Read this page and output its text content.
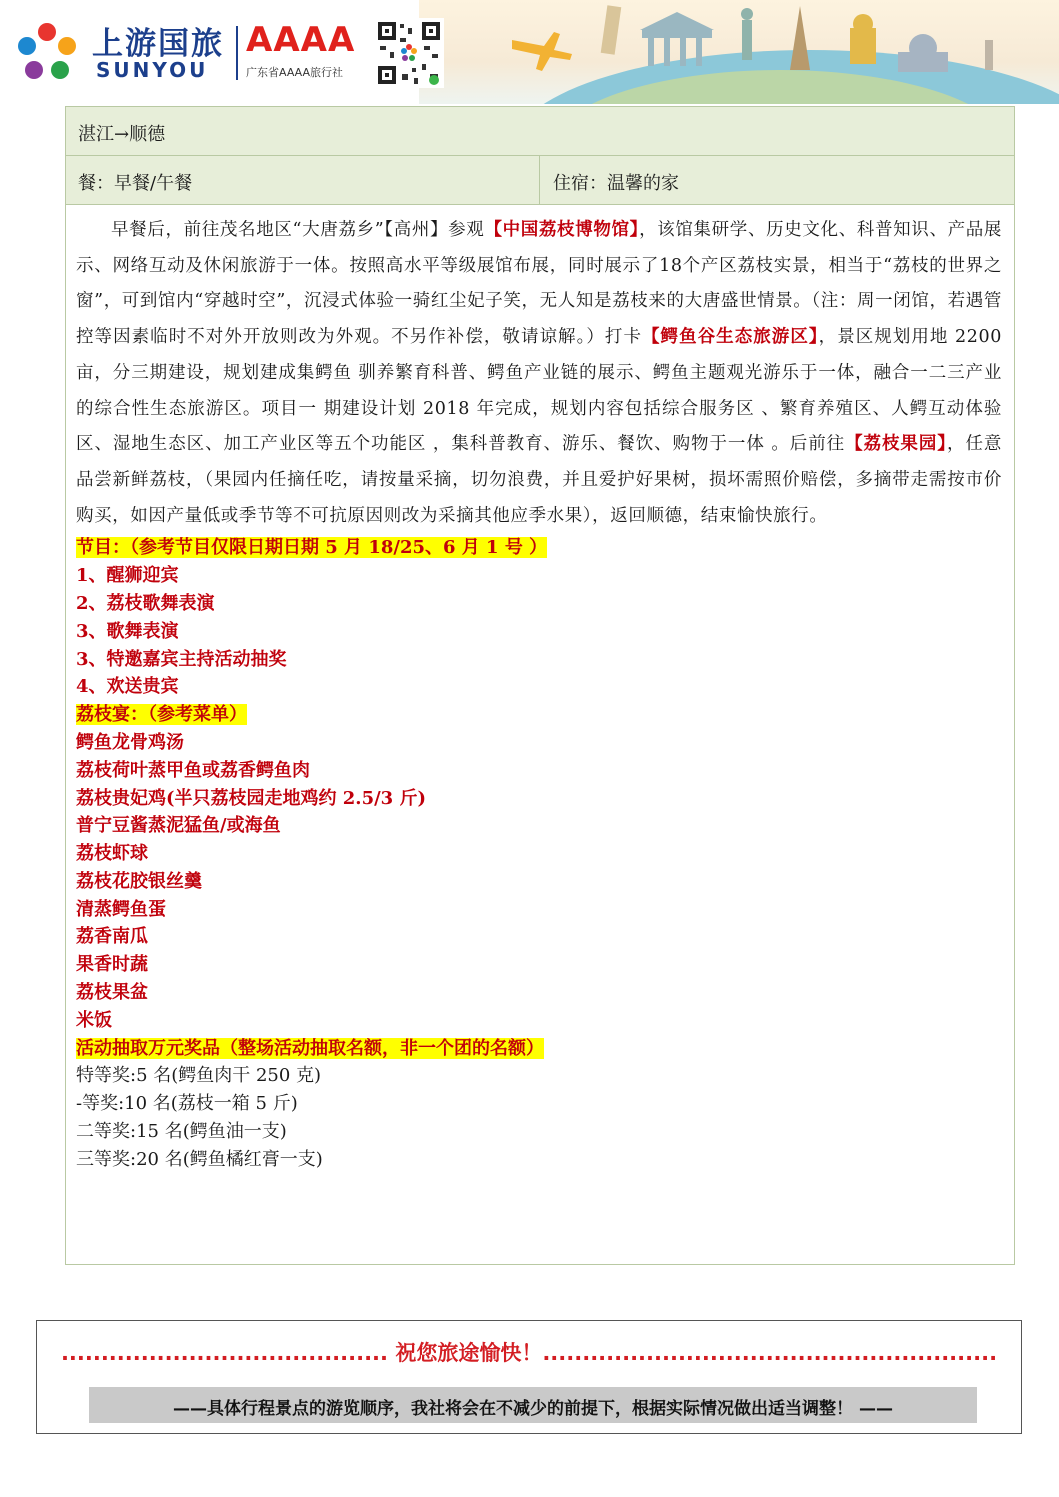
上游国旅
SUNYOU
AAAA
广东省AAAA旅行社
湛江→顺德
餐：早餐/午餐	住宿：温馨的家

早餐后，前往茂名地区“大唐荔乡”【高州】参观【中国荔枝博物馆】，该馆集研学、历史文化、科普知识、产品展示、网络互动及休闲旅游于一体。按照高水平等级展馆布展，同时展示了18个产区荔枝实景，相当于“荔枝的世界之窗”，可到馆内“穿越时空”，沉浸式体验一骑红尘妃子笑，无人知是荔枝来的大唐盛世情景。（注：周一闭馆，若遇管控等因素临时不对外开放则改为外观。不另作补偿，敬请谅解。）打卡【鳄鱼谷生态旅游区】，景区规划用地 2200 亩，分三期建设，规划建成集鳄鱼 驯养繁育科普、鳄鱼产业链的展示、鳄鱼主题观光游乐于一体，融合一二三产业的综合性生态旅游区。项目一 期建设计划 2018 年完成，规划内容包括综合服务区 、繁育养殖区、人鳄互动体验区、湿地生态区、加工产业区等五个功能区 ，集科普教育、游乐、餐饮、购物于一体 。后前往【荔枝果园】，任意品尝新鲜荔枝，（果园内任摘任吃，请按量采摘，切勿浪费，并且爱护好果树，损坏需照价赔偿，多摘带走需按市价购买，如因产量低或季节等不可抗原因则改为采摘其他应季水果），返回顺德，结束愉快旅行。

节目：（参考节目仅限日期日期 5 月 18/25、6 月 1 号 ）
1、醒狮迎宾
2、荔枝歌舞表演
3、歌舞表演
3、特邀嘉宾主持活动抽奖
4、欢送贵宾
荔枝宴：（参考菜单）
鳄鱼龙骨鸡汤
荔枝荷叶蒸甲鱼或荔香鳄鱼肉
荔枝贵妃鸡(半只荔枝园走地鸡约 2.5/3 斤)
普宁豆酱蒸泥猛鱼/或海鱼
荔枝虾球
荔枝花胶银丝羹
清蒸鳄鱼蛋
荔香南瓜
果香时蔬
荔枝果盆
米饭
活动抽取万元奖品（整场活动抽取名额，非一个团的名额）
特等奖:5 名(鳄鱼肉干 250 克)
-等奖:10 名(荔枝一箱 5 斤)
二等奖:15 名(鳄鱼油一支)
三等奖:20 名(鳄鱼橘红膏一支)
......................................... 祝您旅途愉快！.........................................................
——具体行程景点的游览顺序，我社将会在不减少的前提下，根据实际情况做出适当调整！ ——
